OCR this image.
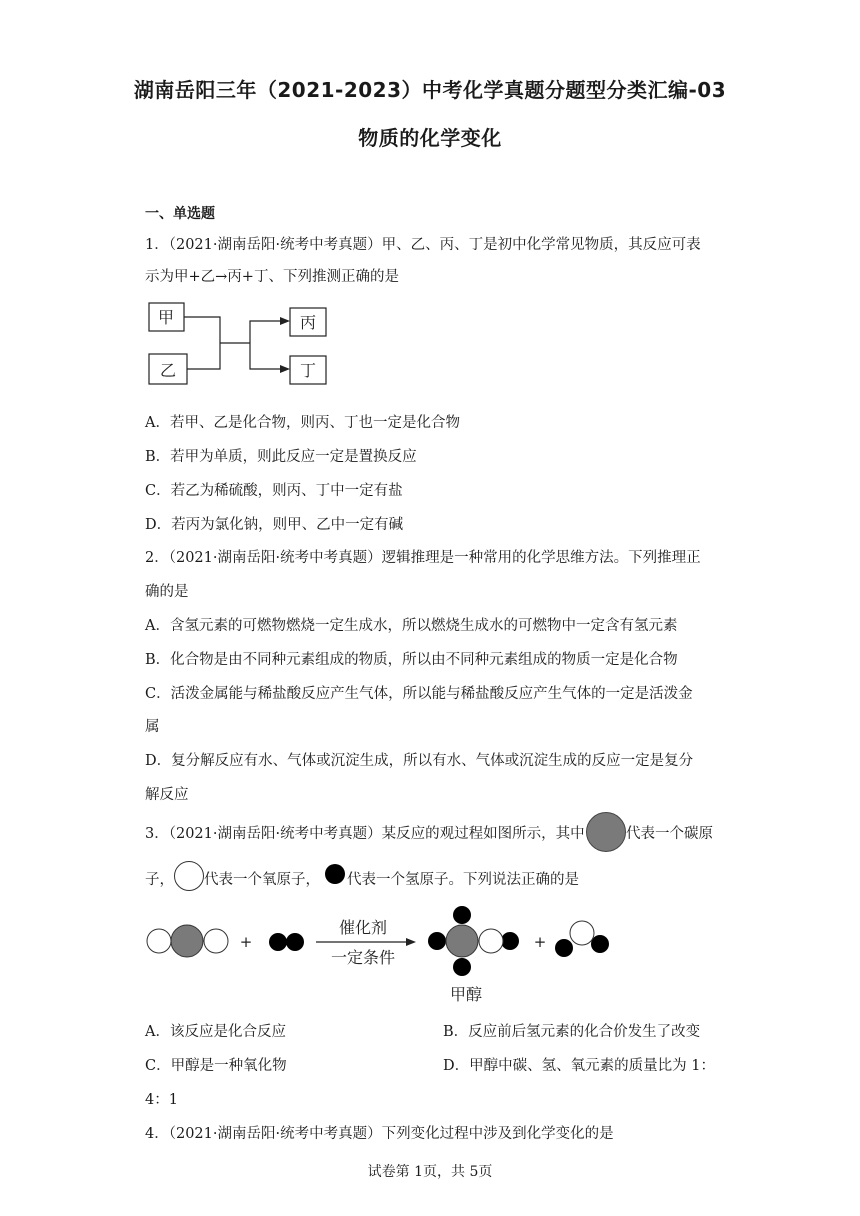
湖南岳阳三年（2021-2023）中考化学真题分题型分类汇编-03
物质的化学变化
一、单选题
1．（2021·湖南岳阳·统考中考真题）甲、乙、丙、丁是初中化学常见物质，其反应可表
示为甲+乙→丙+丁、下列推测正确的是
甲
乙
丙
丁
A．若甲、乙是化合物，则丙、丁也一定是化合物
B．若甲为单质，则此反应一定是置换反应
C．若乙为稀硫酸，则丙、丁中一定有盐
D．若丙为氯化钠，则甲、乙中一定有碱
2．（2021·湖南岳阳·统考中考真题）逻辑推理是一种常用的化学思维方法。下列推理正
确的是
A．含氢元素的可燃物燃烧一定生成水，所以燃烧生成水的可燃物中一定含有氢元素
B．化合物是由不同种元素组成的物质，所以由不同种元素组成的物质一定是化合物
C．活泼金属能与稀盐酸反应产生气体，所以能与稀盐酸反应产生气体的一定是活泼金
属
D．复分解反应有水、气体或沉淀生成，所以有水、气体或沉淀生成的反应一定是复分
解反应
3．（2021·湖南岳阳·统考中考真题）某反应的观过程如图所示，其中	代表一个碳原
子， 代表一个氧原子， 代表一个氢原子。下列说法正确的是
+
催化剂
一定条件
甲醇
+
A．该反应是化合反应	B．反应前后氢元素的化合价发生了改变
C．甲醇是一种氧化物	D．甲醇中碳、氢、氧元素的质量比为 1：
4：1
4．（2021·湖南岳阳·统考中考真题）下列变化过程中涉及到化学变化的是
试卷第 1页，共 5页
